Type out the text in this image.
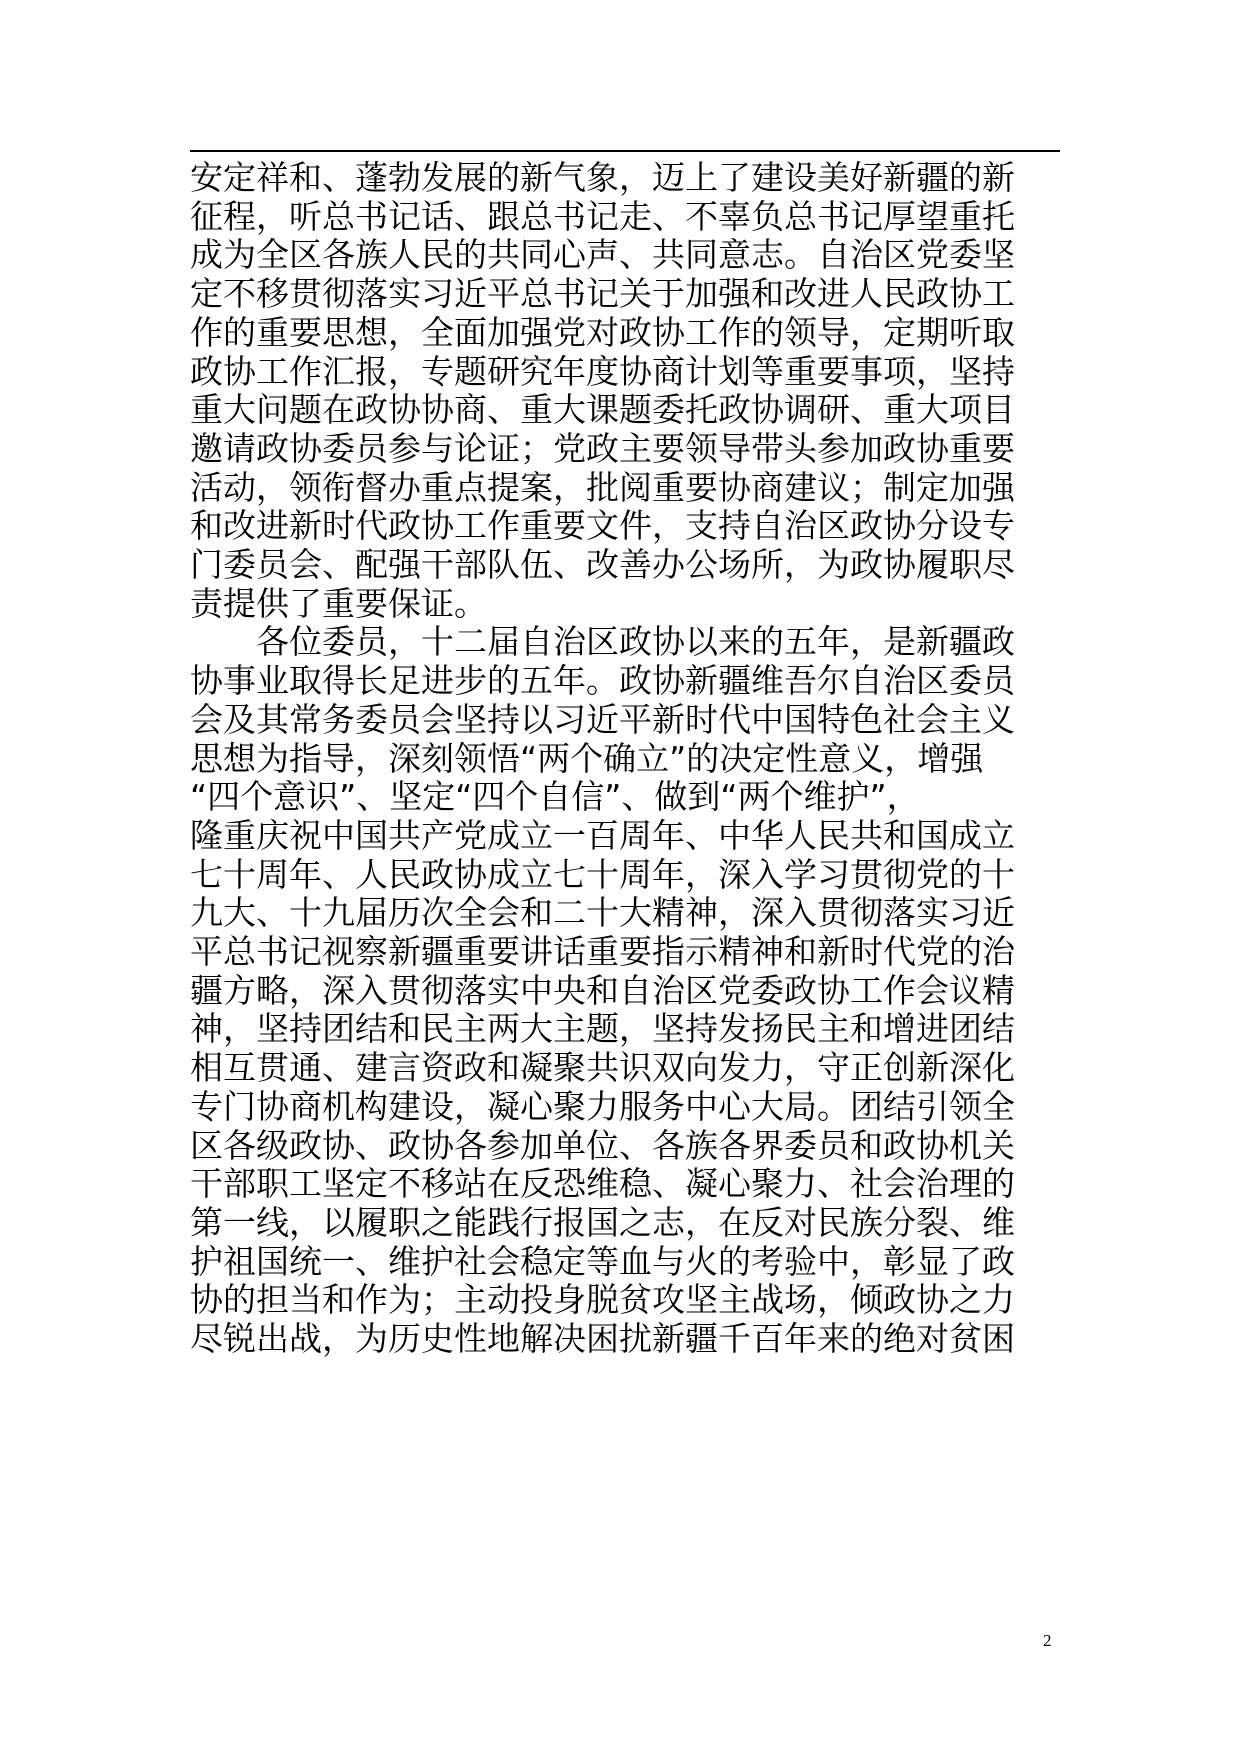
安定祥和、蓬勃发展的新气象，迈上了建设美好新疆的新
征程，听总书记话、跟总书记走、不辜负总书记厚望重托
成为全区各族人民的共同心声、共同意志。自治区党委坚
定不移贯彻落实习近平总书记关于加强和改进人民政协工
作的重要思想，全面加强党对政协工作的领导，定期听取
政协工作汇报，专题研究年度协商计划等重要事项，坚持
重大问题在政协协商、重大课题委托政协调研、重大项目
邀请政协委员参与论证；党政主要领导带头参加政协重要
活动，领衔督办重点提案，批阅重要协商建议；制定加强
和改进新时代政协工作重要文件，支持自治区政协分设专
门委员会、配强干部队伍、改善办公场所，为政协履职尽
责提供了重要保证。
　　各位委员，十二届自治区政协以来的五年，是新疆政
协事业取得长足进步的五年。政协新疆维吾尔自治区委员
会及其常务委员会坚持以习近平新时代中国特色社会主义
思想为指导，深刻领悟“两个确立”的决定性意义，增强
“四个意识”、坚定“四个自信”、做到“两个维护”，
隆重庆祝中国共产党成立一百周年、中华人民共和国成立
七十周年、人民政协成立七十周年，深入学习贯彻党的十
九大、十九届历次全会和二十大精神，深入贯彻落实习近
平总书记视察新疆重要讲话重要指示精神和新时代党的治
疆方略，深入贯彻落实中央和自治区党委政协工作会议精
神，坚持团结和民主两大主题，坚持发扬民主和增进团结
相互贯通、建言资政和凝聚共识双向发力，守正创新深化
专门协商机构建设，凝心聚力服务中心大局。团结引领全
区各级政协、政协各参加单位、各族各界委员和政协机关
干部职工坚定不移站在反恐维稳、凝心聚力、社会治理的
第一线，以履职之能践行报国之志，在反对民族分裂、维
护祖国统一、维护社会稳定等血与火的考验中，彰显了政
协的担当和作为；主动投身脱贫攻坚主战场，倾政协之力
尽锐出战，为历史性地解决困扰新疆千百年来的绝对贫困
2
